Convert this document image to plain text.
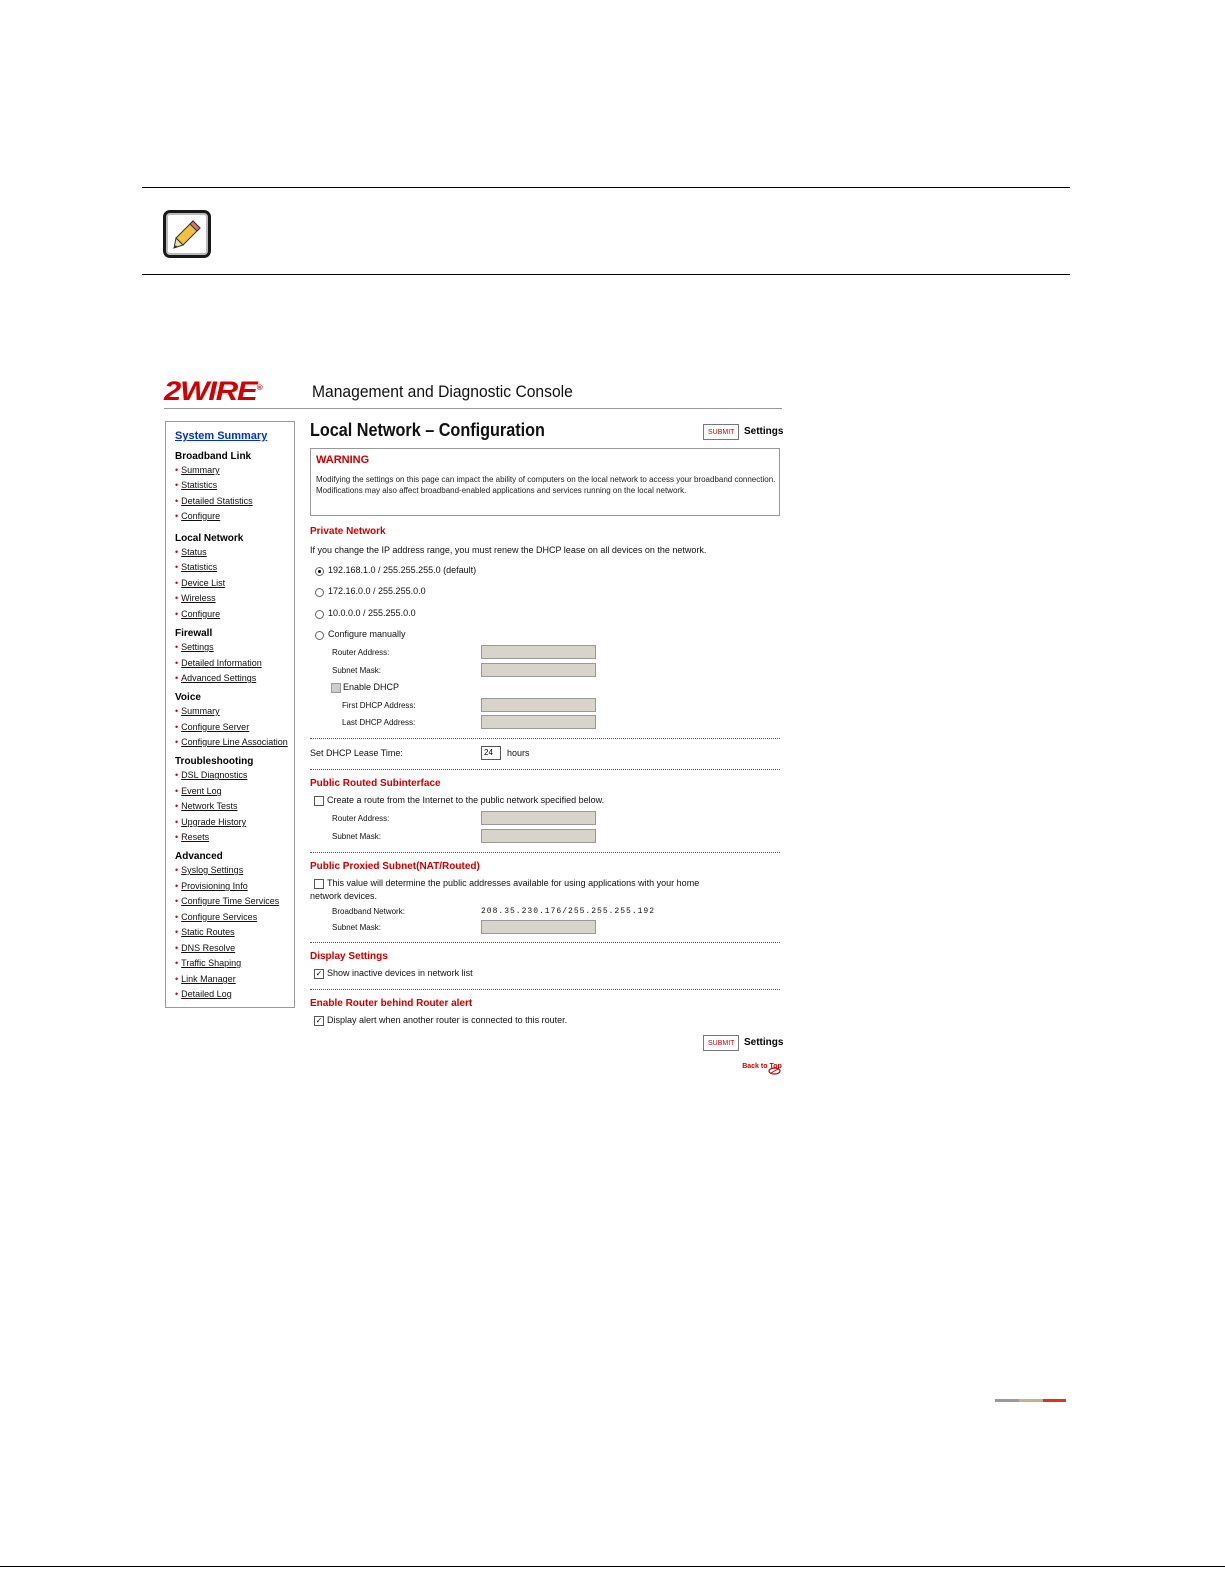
2WIRE®	Management and Diagnostic Console
System Summary
Broadband Link
• Summary
• Statistics
• Detailed Statistics
• Configure
Local Network
• Status
• Statistics
• Device List
• Wireless
• Configure
Firewall
• Settings
• Detailed Information
• Advanced Settings
Voice
• Summary
• Configure Server
• Configure Line Association
Troubleshooting
• DSL Diagnostics
• Event Log
• Network Tests
• Upgrade History
• Resets
Advanced
• Syslog Settings
• Provisioning Info
• Configure Time Services
• Configure Services
• Static Routes
• DNS Resolve
• Traffic Shaping
• Link Manager
• Detailed Log
Local Network – Configuration	SUBMIT Settings
WARNING
Modifying the settings on this page can impact the ability of computers on the local network to access your broadband connection. Modifications may also affect broadband-enabled applications and services running on the local network.
Private Network
If you change the IP address range, you must renew the DHCP lease on all devices on the network.
192.168.1.0 / 255.255.255.0 (default)
172.16.0.0 / 255.255.0.0
10.0.0.0 / 255.255.0.0
Configure manually
Router Address:
Subnet Mask:
Enable DHCP
First DHCP Address:
Last DHCP Address:
Set DHCP Lease Time:	24	hours
Public Routed Subinterface
Create a route from the Internet to the public network specified below.
Router Address:
Subnet Mask:
Public Proxied Subnet(NAT/Routed)
This value will determine the public addresses available for using applications with your home
network devices.
Broadband Network:	208.35.230.176/255.255.255.192
Subnet Mask:
Display Settings
✓ Show inactive devices in network list
Enable Router behind Router alert
✓ Display alert when another router is connected to this router.
SUBMIT Settings
Back to Top
